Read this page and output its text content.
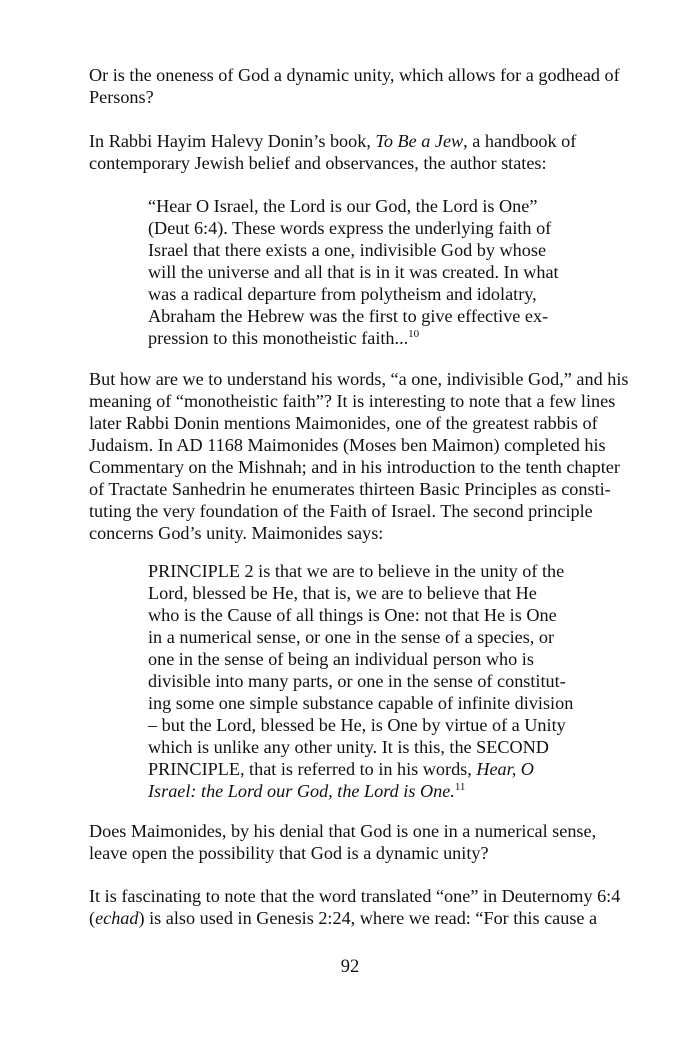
Or is the oneness of God a dynamic unity, which allows for a godhead of
Persons?

In Rabbi Hayim Halevy Donin’s book, To Be a Jew, a handbook of
contemporary Jewish belief and observances, the author states:

“Hear O Israel, the Lord is our God, the Lord is One”
(Deut 6:4). These words express the underlying faith of
Israel that there exists a one, indivisible God by whose
will the universe and all that is in it was created. In what
was a radical departure from polytheism and idolatry,
Abraham the Hebrew was the first to give effective ex-
pression to this monotheistic faith...$^{10}$

But how are we to understand his words, “a one, indivisible God,” and his
meaning of “monotheistic faith”? It is interesting to note that a few lines
later Rabbi Donin mentions Maimonides, one of the greatest rabbis of
Judaism. In AD 1168 Maimonides (Moses ben Maimon) completed his
Commentary on the Mishnah; and in his introduction to the tenth chapter
of Tractate Sanhedrin he enumerates thirteen Basic Principles as consti-
tuting the very foundation of the Faith of Israel. The second principle
concerns God’s unity. Maimonides says:

PRINCIPLE 2 is that we are to believe in the unity of the
Lord, blessed be He, that is, we are to believe that He
who is the Cause of all things is One: not that He is One
in a numerical sense, or one in the sense of a species, or
one in the sense of being an individual person who is
divisible into many parts, or one in the sense of constitut-
ing some one simple substance capable of infinite division
– but the Lord, blessed be He, is One by virtue of a Unity
which is unlike any other unity. It is this, the SECOND
PRINCIPLE, that is referred to in his words, Hear, O
Israel: the Lord our God, the Lord is One.$^{11}$

Does Maimonides, by his denial that God is one in a numerical sense,
leave open the possibility that God is a dynamic unity?

It is fascinating to note that the word translated “one” in Deuternomy 6:4
(echad) is also used in Genesis 2:24, where we read: “For this cause a

92
